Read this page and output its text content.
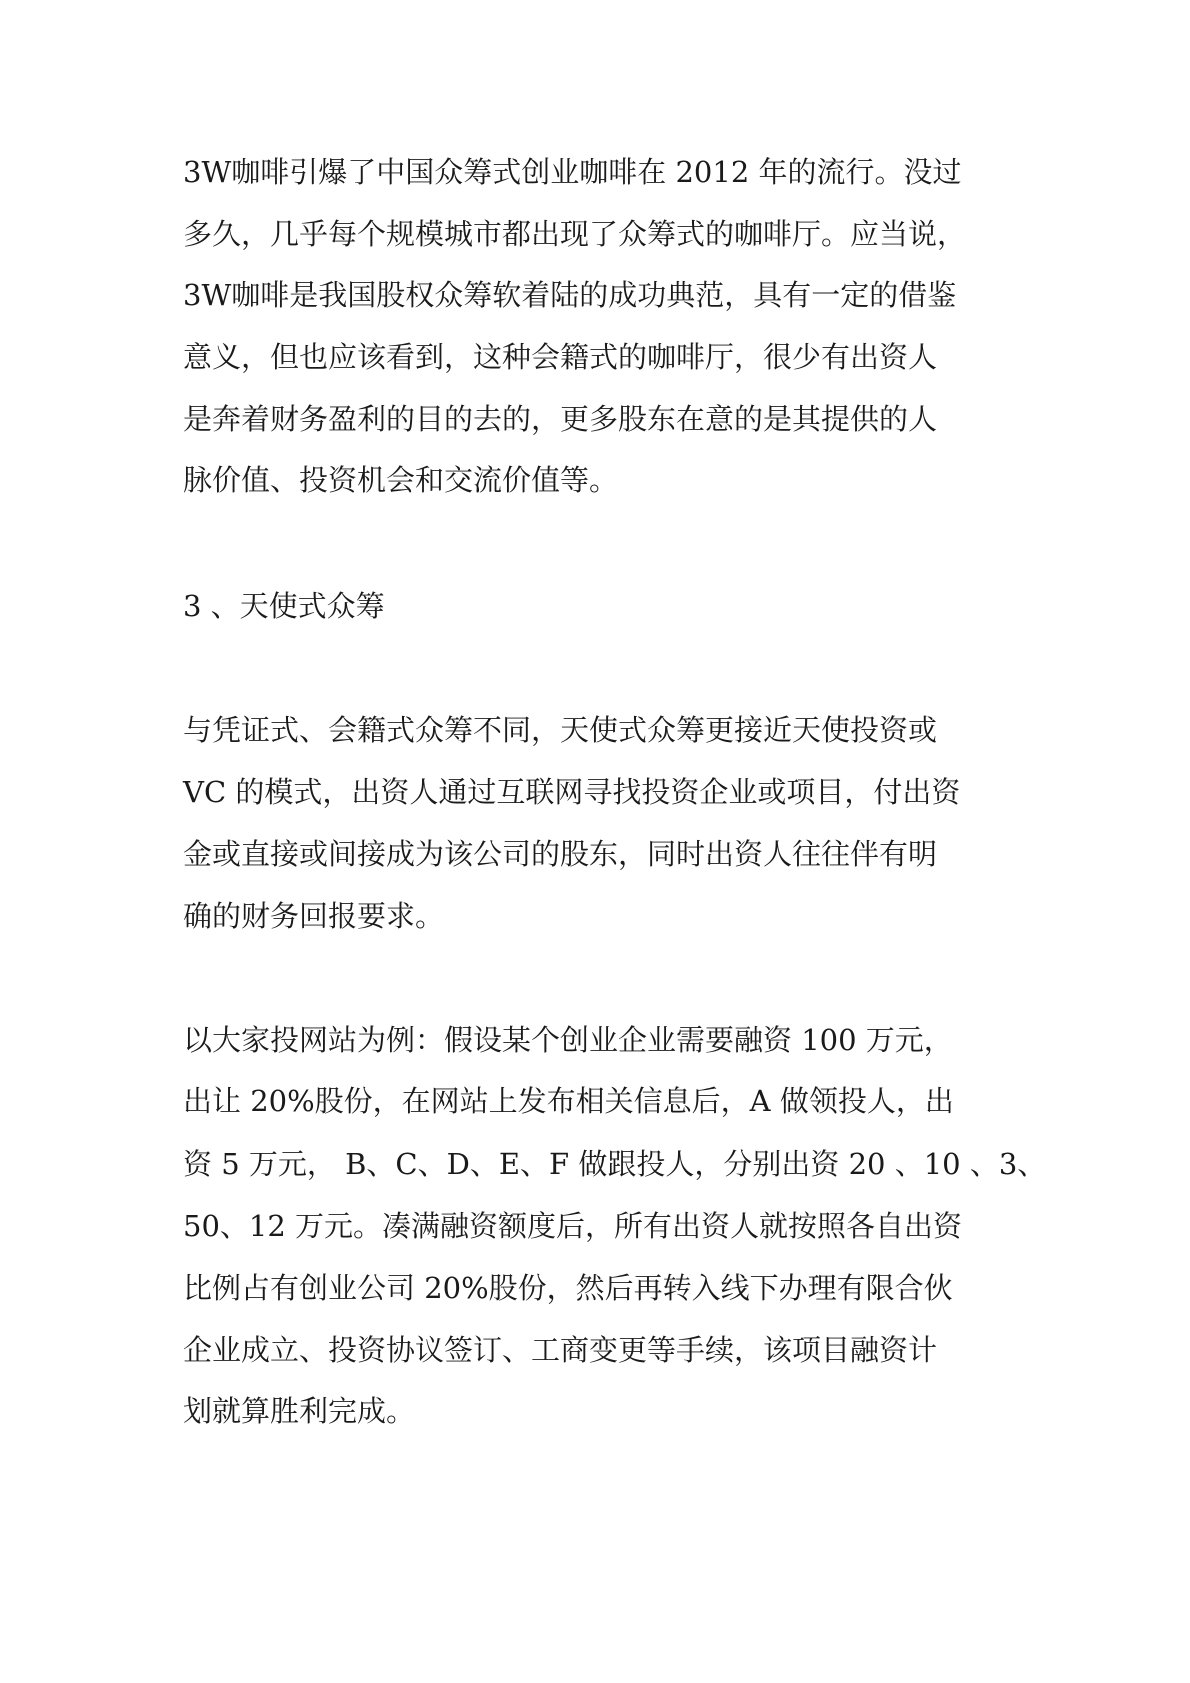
3W咖啡引爆了中国众筹式创业咖啡在 2012 年的流行。没过
多久，几乎每个规模城市都出现了众筹式的咖啡厅。应当说，
3W咖啡是我国股权众筹软着陆的成功典范，具有一定的借鉴
意义，但也应该看到，这种会籍式的咖啡厅，很少有出资人
是奔着财务盈利的目的去的，更多股东在意的是其提供的人
脉价值、投资机会和交流价值等。
3 、天使式众筹
与凭证式、会籍式众筹不同，天使式众筹更接近天使投资或
VC 的模式，出资人通过互联网寻找投资企业或项目，付出资
金或直接或间接成为该公司的股东，同时出资人往往伴有明
确的财务回报要求。
以大家投网站为例：假设某个创业企业需要融资 100 万元，
出让 20%股份，在网站上发布相关信息后，A 做领投人，出
资 5 万元， B、C、D、E、F 做跟投人，分别出资 20 、10 、3、
50、12 万元。凑满融资额度后，所有出资人就按照各自出资
比例占有创业公司 20%股份，然后再转入线下办理有限合伙
企业成立、投资协议签订、工商变更等手续，该项目融资计
划就算胜利完成。
